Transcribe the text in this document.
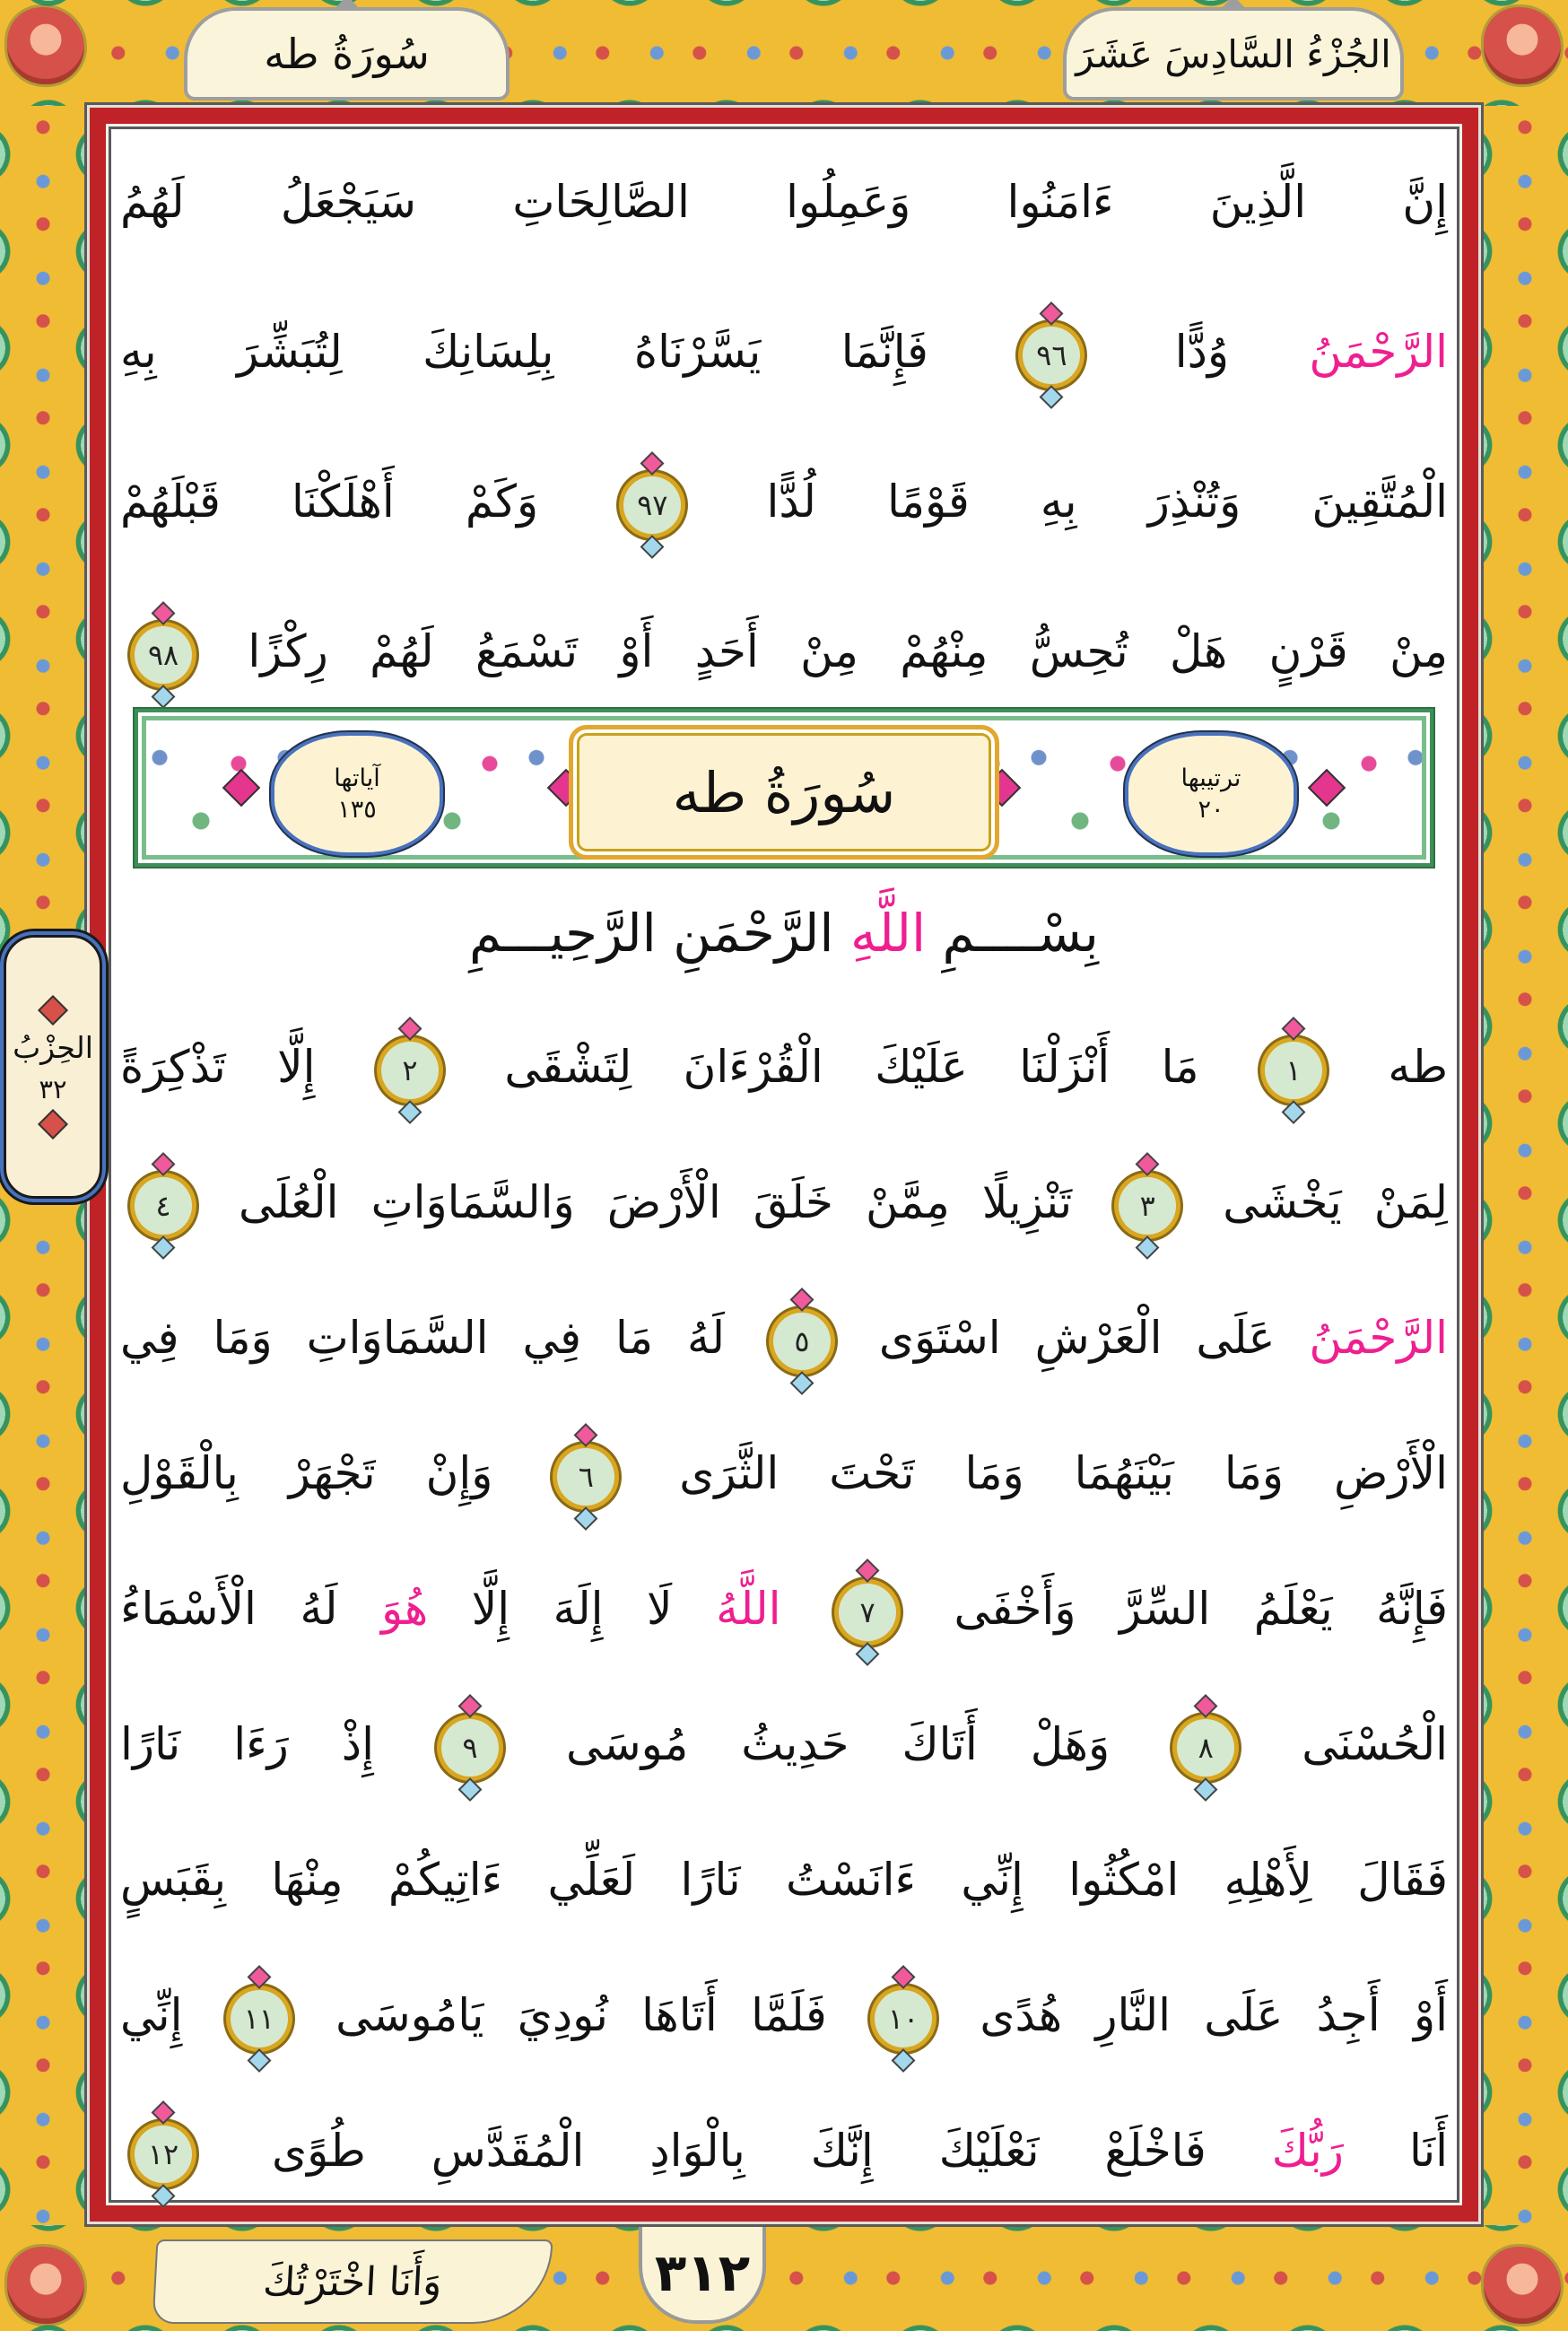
سُورَةُ طه	الجُزْءُ السَّادِسَ عَشَرَ
وَأَنَا اخْتَرْتُكَ	٣١٢
إِنَّ الَّذِينَ ءَامَنُوا وَعَمِلُوا الصَّالِحَاتِ سَيَجْعَلُ لَهُمُ
الرَّحْمَنُ وُدًّا
٩٦
فَإِنَّمَا يَسَّرْنَاهُ بِلِسَانِكَ لِتُبَشِّرَ بِهِ
الْمُتَّقِينَ وَتُنْذِرَ بِهِ قَوْمًا لُدًّا
٩٧
وَكَمْ أَهْلَكْنَا قَبْلَهُمْ
مِنْ قَرْنٍ هَلْ تُحِسُّ مِنْهُمْ مِنْ أَحَدٍ أَوْ تَسْمَعُ لَهُمْ رِكْزًا
٩٨
آياتها
١٣٥	سُورَةُ طه	ترتيبها
٢٠
بِسْــــمِ اللَّهِ الرَّحْمَنِ الرَّحِيـــمِ
طه
١
مَا أَنْزَلْنَا عَلَيْكَ الْقُرْءَانَ لِتَشْقَى
٢
إِلَّا تَذْكِرَةً
لِمَنْ يَخْشَى
٣
تَنْزِيلًا مِمَّنْ خَلَقَ الْأَرْضَ وَالسَّمَاوَاتِ الْعُلَى
٤
الرَّحْمَنُ عَلَى الْعَرْشِ اسْتَوَى
٥
لَهُ مَا فِي السَّمَاوَاتِ وَمَا فِي
الْأَرْضِ وَمَا بَيْنَهُمَا وَمَا تَحْتَ الثَّرَى
٦
وَإِنْ تَجْهَرْ بِالْقَوْلِ
فَإِنَّهُ يَعْلَمُ السِّرَّ وَأَخْفَى
٧
اللَّهُ لَا إِلَهَ إِلَّا هُوَ لَهُ الْأَسْمَاءُ
الْحُسْنَى
٨
وَهَلْ أَتَاكَ حَدِيثُ مُوسَى
٩
إِذْ رَءَا نَارًا
فَقَالَ لِأَهْلِهِ امْكُثُوا إِنِّي ءَانَسْتُ نَارًا لَعَلِّي ءَاتِيكُمْ مِنْهَا بِقَبَسٍ
أَوْ أَجِدُ عَلَى النَّارِ هُدًى
١٠
فَلَمَّا أَتَاهَا نُودِيَ يَامُوسَى
١١
إِنِّي
أَنَا رَبُّكَ فَاخْلَعْ نَعْلَيْكَ إِنَّكَ بِالْوَادِ الْمُقَدَّسِ طُوًى
١٢
الحِزْبُ
٣٢
